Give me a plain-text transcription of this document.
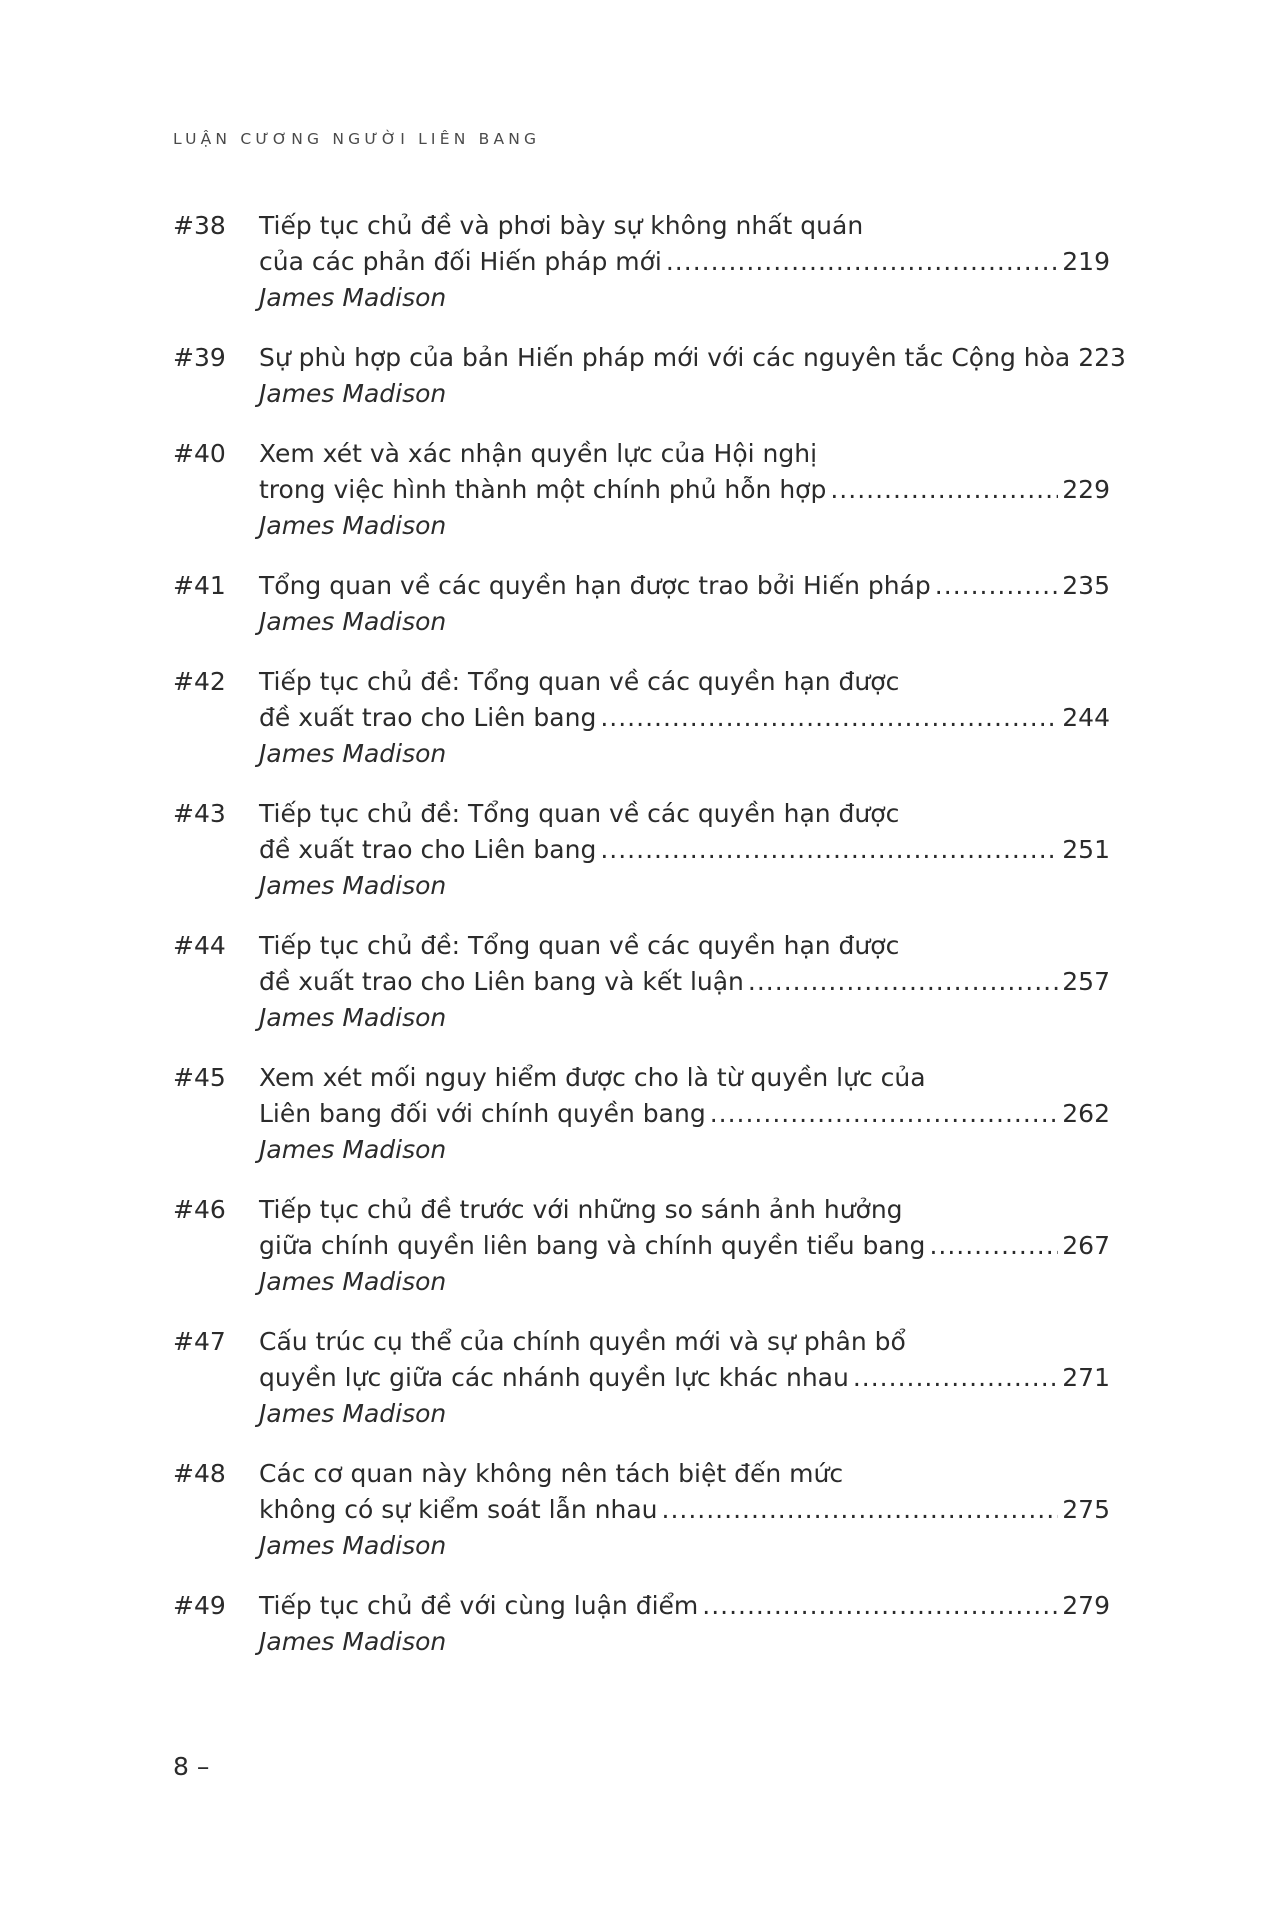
LUẬN CƯƠNG NGƯỜI LIÊN BANG
#38 Tiếp tục chủ đề và phơi bày sự không nhất quán
của các phản đối Hiến pháp mới .....	219
James Madison
#39 Sự phù hợp của bản Hiến pháp mới với các nguyên tắc Cộng hòa 223
James Madison
#40 Xem xét và xác nhận quyền lực của Hội nghị
trong việc hình thành một chính phủ hỗn hợp .....	229
James Madison
#41 Tổng quan về các quyền hạn được trao bởi Hiến pháp .....	235
James Madison
#42 Tiếp tục chủ đề: Tổng quan về các quyền hạn được
đề xuất trao cho Liên bang .....	244
James Madison
#43 Tiếp tục chủ đề: Tổng quan về các quyền hạn được
đề xuất trao cho Liên bang .....	251
James Madison
#44 Tiếp tục chủ đề: Tổng quan về các quyền hạn được
đề xuất trao cho Liên bang và kết luận .....	257
James Madison
#45 Xem xét mối nguy hiểm được cho là từ quyền lực của
Liên bang đối với chính quyền bang .....	262
James Madison
#46 Tiếp tục chủ đề trước với những so sánh ảnh hưởng
giữa chính quyền liên bang và chính quyền tiểu bang .....	267
James Madison
#47 Cấu trúc cụ thể của chính quyền mới và sự phân bổ
quyền lực giữa các nhánh quyền lực khác nhau .....	271
James Madison
#48 Các cơ quan này không nên tách biệt đến mức
không có sự kiểm soát lẫn nhau .....	275
James Madison
#49 Tiếp tục chủ đề với cùng luận điểm .....	279
James Madison
8 –
